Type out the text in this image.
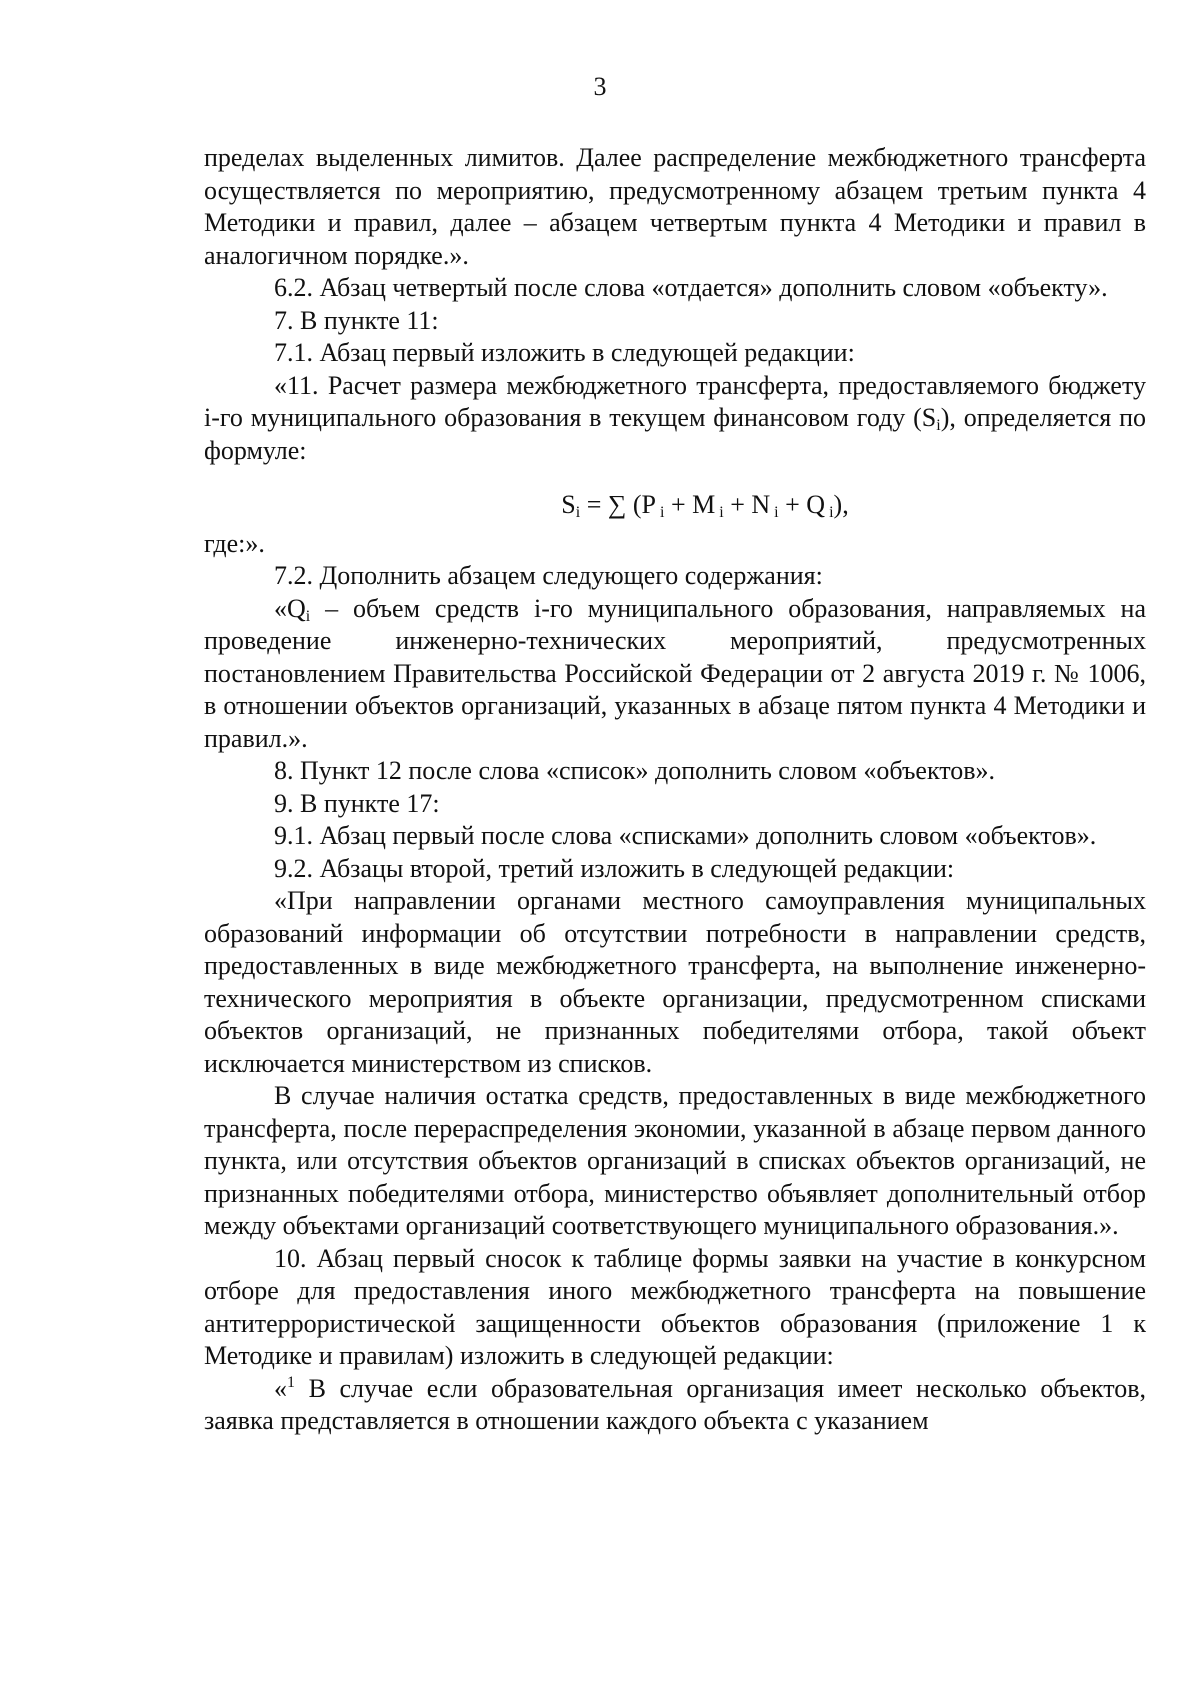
3

пределах выделенных лимитов. Далее распределение межбюджетного трансферта осуществляется по мероприятию, предусмотренному абзацем третьим пункта 4 Методики и правил, далее – абзацем четвертым пункта 4 Методики и правил в аналогичном порядке.».

6.2. Абзац четвертый после слова «отдается» дополнить словом «объекту».

7. В пункте 11:

7.1. Абзац первый изложить в следующей редакции:

«11. Расчет размера межбюджетного трансферта, предоставляемого бюджету i-го муниципального образования в текущем финансовом году $(S_i)$, определяется по формуле:

$S_i$ = ∑ (P $_i$ + M $_i$ + N $_i$ + Q $_i$),

где:».

7.2. Дополнить абзацем следующего содержания:

«$Q_i$ – объем средств i-го муниципального образования, направляемых на проведение инженерно-технических мероприятий, предусмотренных постановлением Правительства Российской Федерации от 2 августа 2019 г. № 1006, в отношении объектов организаций, указанных в абзаце пятом пункта 4 Методики и правил.».

8. Пункт 12 после слова «список» дополнить словом «объектов».

9. В пункте 17:

9.1. Абзац первый после слова «списками» дополнить словом «объектов».

9.2. Абзацы второй, третий изложить в следующей редакции:

«При направлении органами местного самоуправления муниципальных образований информации об отсутствии потребности в направлении средств, предоставленных в виде межбюджетного трансферта, на выполнение инженерно-технического мероприятия в объекте организации, предусмотренном списками объектов организаций, не признанных победителями отбора, такой объект исключается министерством из списков.

В случае наличия остатка средств, предоставленных в виде межбюджетного трансферта, после перераспределения экономии, указанной в абзаце первом данного пункта, или отсутствия объектов организаций в списках объектов организаций, не признанных победителями отбора, министерство объявляет дополнительный отбор между объектами организаций соответствующего муниципального образования.».

10. Абзац первый сносок к таблице формы заявки на участие в конкурсном отборе для предоставления иного межбюджетного трансферта на повышение антитеррористической защищенности объектов образования (приложение 1 к Методике и правилам) изложить в следующей редакции:

«$^1$ В случае если образовательная организация имеет несколько объектов, заявка представляется в отношении каждого объекта с указанием
